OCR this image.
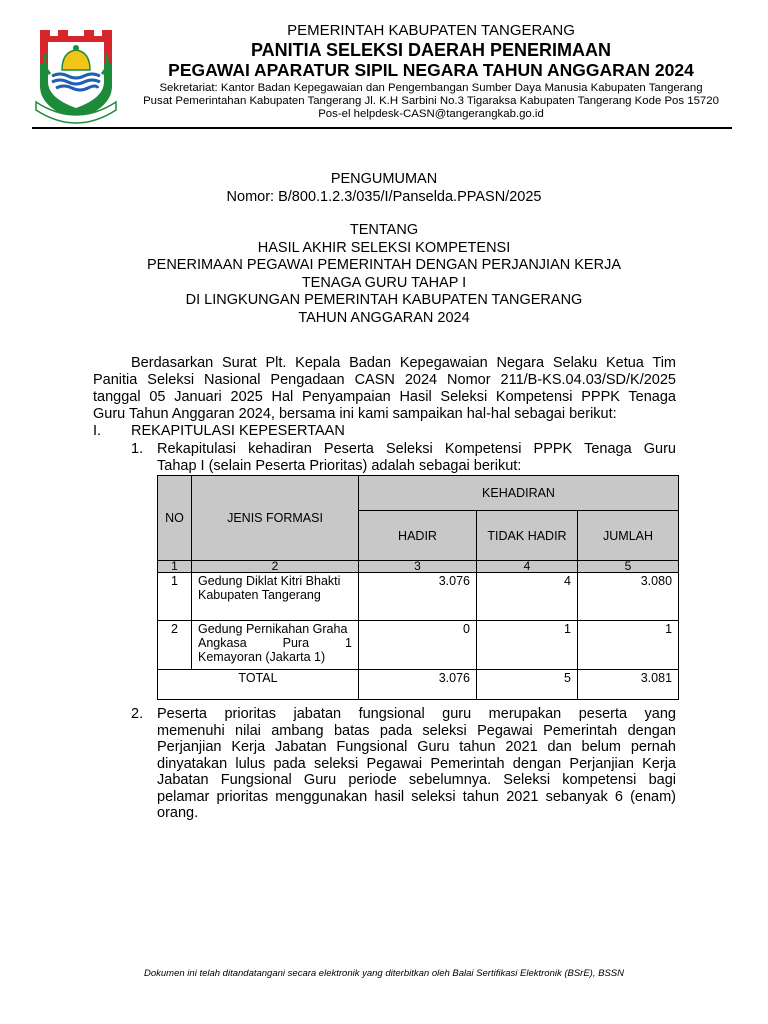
PEMERINTAH KABUPATEN TANGERANG
PANITIA SELEKSI DAERAH PENERIMAAN
PEGAWAI APARATUR SIPIL NEGARA TAHUN ANGGARAN 2024
Sekretariat: Kantor Badan Kepegawaian dan Pengembangan Sumber Daya Manusia Kabupaten Tangerang
Pusat Pemerintahan Kabupaten Tangerang Jl. K.H Sarbini No.3 Tigaraksa Kabupaten Tangerang Kode Pos 15720
Pos-el helpdesk-CASN@tangerangkab.go.id
PENGUMUMAN
Nomor: B/800.1.2.3/035/I/Panselda.PPASN/2025
TENTANG
HASIL AKHIR SELEKSI KOMPETENSI
PENERIMAAN PEGAWAI PEMERINTAH DENGAN PERJANJIAN KERJA
TENAGA GURU TAHAP I
DI LINGKUNGAN PEMERINTAH KABUPATEN TANGERANG
TAHUN ANGGARAN 2024
Berdasarkan Surat Plt. Kepala Badan Kepegawaian Negara Selaku Ketua Tim
Panitia Seleksi Nasional Pengadaan CASN 2024 Nomor 211/B-KS.04.03/SD/K/2025
tanggal 05 Januari 2025 Hal Penyampaian Hasil Seleksi Kompetensi PPPK Tenaga
Guru Tahun Anggaran 2024, bersama ini kami sampaikan hal-hal sebagai berikut:
I. REKAPITULASI KEPESERTAAN
1. Rekapitulasi kehadiran Peserta Seleksi Kompetensi PPPK Tenaga Guru
Tahap I (selain Peserta Prioritas) adalah sebagai berikut:
NO	JENIS FORMASI	KEHADIRAN		
		HADIR	TIDAK HADIR	JUMLAH
1	2	3	4	5
1	Gedung Diklat Kitri Bhakti
Kabupaten Tangerang	3.076	4	3.080
2	Gedung Pernikahan Graha
Angkasa Pura 1
Kemayoran (Jakarta 1)	0	1	1
TOTAL		3.076	5	3.081
2. Peserta prioritas jabatan fungsional guru merupakan peserta yang
memenuhi nilai ambang batas pada seleksi Pegawai Pemerintah dengan
Perjanjian Kerja Jabatan Fungsional Guru tahun 2021 dan belum pernah
dinyatakan lulus pada seleksi Pegawai Pemerintah dengan Perjanjian Kerja
Jabatan Fungsional Guru periode sebelumnya. Seleksi kompetensi bagi
pelamar prioritas menggunakan hasil seleksi tahun 2021 sebanyak 6 (enam)
orang.
Dokumen ini telah ditandatangani secara elektronik yang diterbitkan oleh Balai Sertifikasi Elektronik (BSrE), BSSN
